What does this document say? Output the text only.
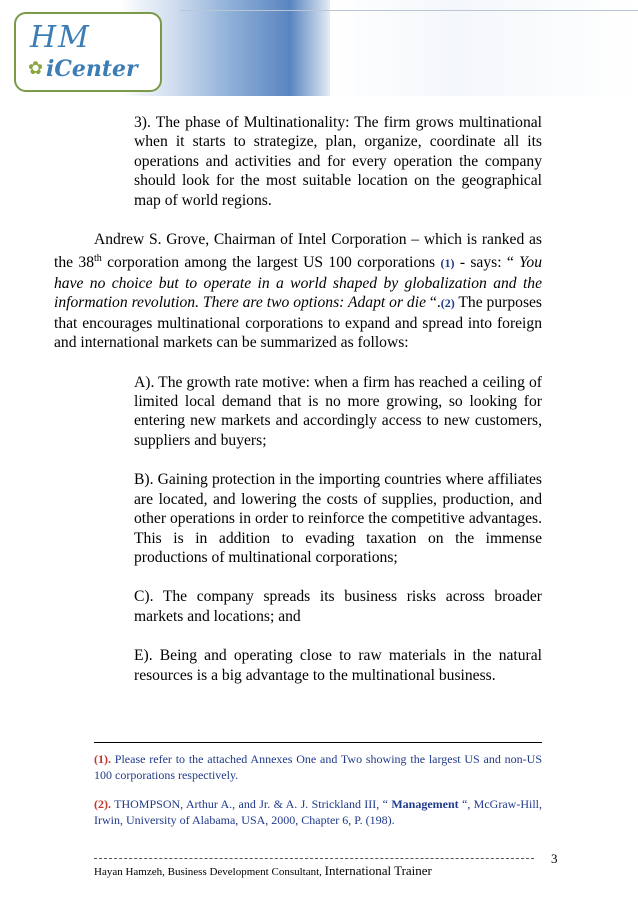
HM
✿ iCenter

3). The phase of Multinationality: The firm grows multinational when it starts to strategize, plan, organize, coordinate all its operations and activities and for every operation the company should look for the most suitable location on the geographical map of world regions.

Andrew S. Grove, Chairman of Intel Corporation – which is ranked as the 38th corporation among the largest US 100 corporations (1) - says: “ You have no choice but to operate in a world shaped by globalization and the information revolution. There are two options: Adapt or die “.(2) The purposes that encourages multinational corporations to expand and spread into foreign and international markets can be summarized as follows:

A). The growth rate motive: when a firm has reached a ceiling of limited local demand that is no more growing, so looking for entering new markets and accordingly access to new customers, suppliers and buyers;

B). Gaining protection in the importing countries where affiliates are located, and lowering the costs of supplies, production, and other operations in order to reinforce the competitive advantages. This is in addition to evading taxation on the immense productions of multinational corporations;

C). The company spreads its business risks across broader markets and locations; and

E). Being and operating close to raw materials in the natural resources is a big advantage to the multinational business.

(1). Please refer to the attached Annexes One and Two showing the largest US and non-US 100 corporations respectively.

(2). THOMPSON, Arthur A., and Jr. & A. J. Strickland III, “ Management “, McGraw-Hill, Irwin, University of Alabama, USA, 2000, Chapter 6, P. (198).

3
Hayan Hamzeh, Business Development Consultant, International Trainer
